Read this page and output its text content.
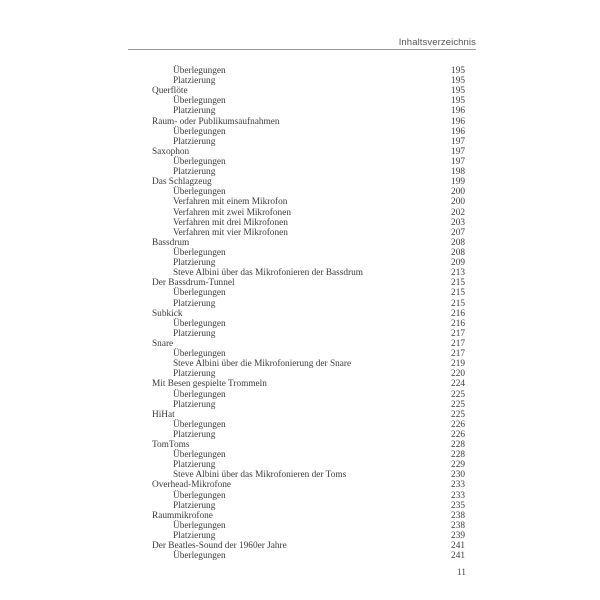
Inhaltsverzeichnis
Überlegungen	195
Platzierung	195
Querflöte	195
Überlegungen	195
Platzierung	196
Raum- oder Publikumsaufnahmen	196
Überlegungen	196
Platzierung	197
Saxophon	197
Überlegungen	197
Platzierung	198
Das Schlagzeug	199
Überlegungen	200
Verfahren mit einem Mikrofon	200
Verfahren mit zwei Mikrofonen	202
Verfahren mit drei Mikrofonen	203
Verfahren mit vier Mikrofonen	207
Bassdrum	208
Überlegungen	208
Platzierung	209
Steve Albini über das Mikrofonieren der Bassdrum	213
Der Bassdrum-Tunnel	215
Überlegungen	215
Platzierung	215
Subkick	216
Überlegungen	216
Platzierung	217
Snare	217
Überlegungen	217
Steve Albini über die Mikrofonierung der Snare	219
Platzierung	220
Mit Besen gespielte Trommeln	224
Überlegungen	225
Platzierung	225
HiHat	225
Überlegungen	226
Platzierung	226
TomToms	228
Überlegungen	228
Platzierung	229
Steve Albini über das Mikrofonieren der Toms	230
Overhead-Mikrofone	233
Überlegungen	233
Platzierung	235
Raummikrofone	238
Überlegungen	238
Platzierung	239
Der Beatles-Sound der 1960er Jahre	241
Überlegungen	241
11
